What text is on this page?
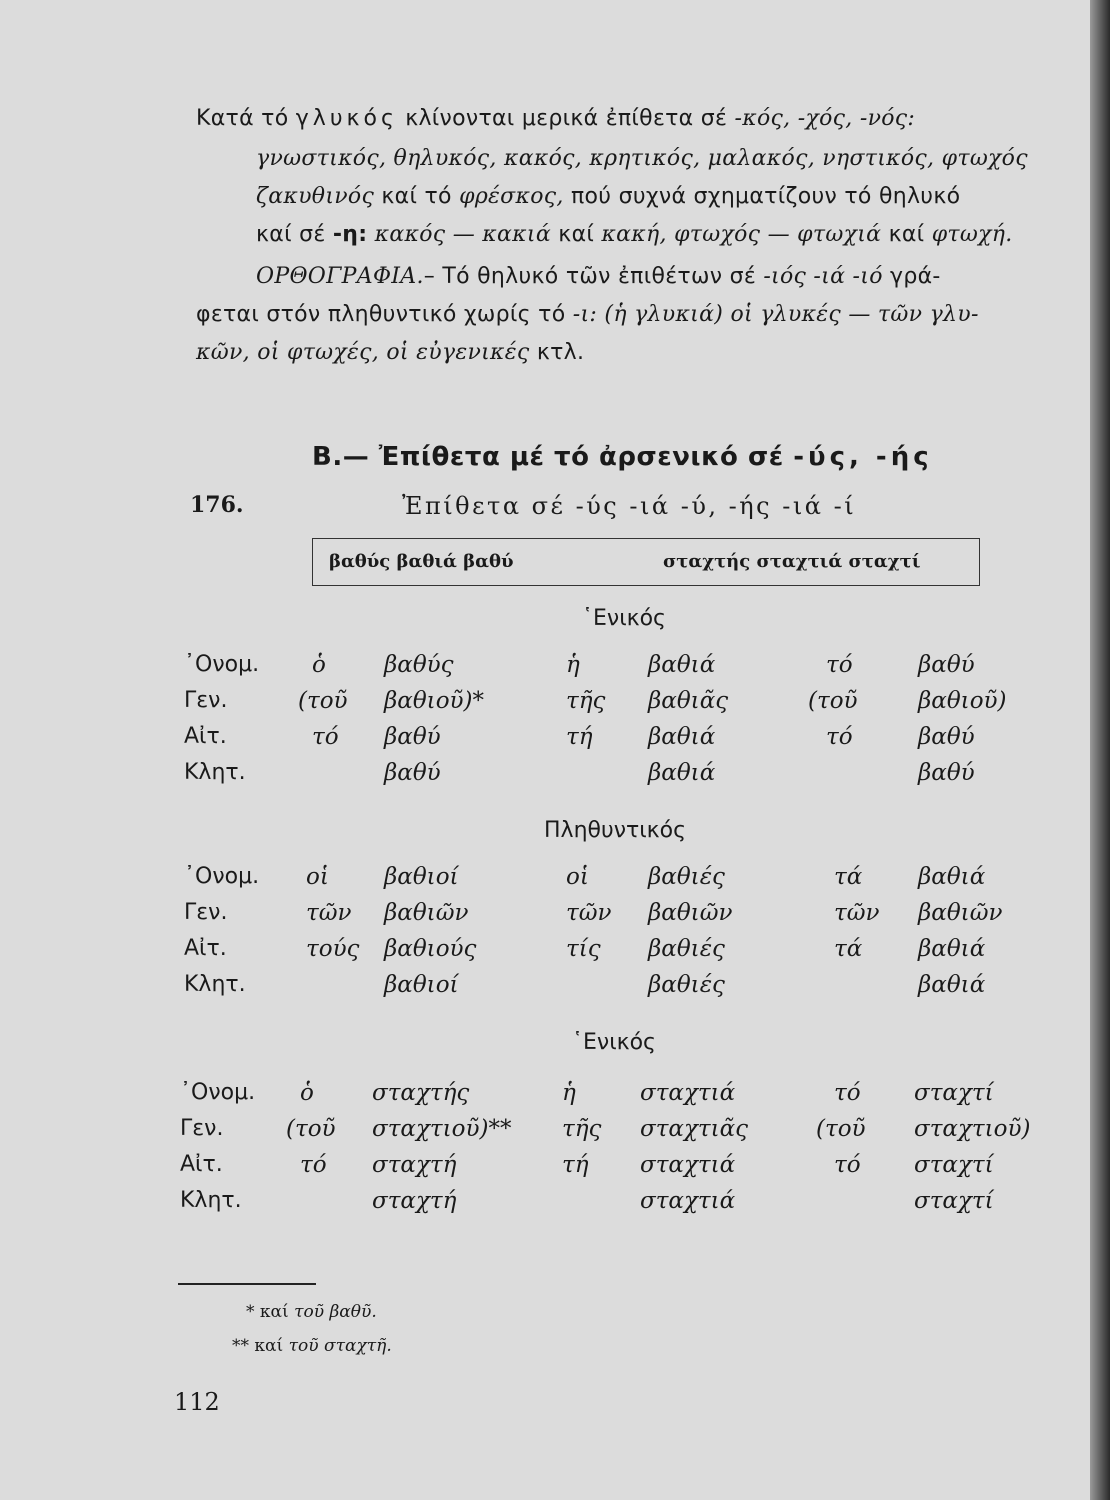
Κατά τό γλυκός κλίνονται μερικά ἐπίθετα σέ -κός, -χός, -νός:
γνωστικός, θηλυκός, κακός, κρητικός, μαλακός, νηστικός, φτωχός
ζακυθινός καί τό φρέσκος, πού συχνά σχηματίζουν τό θηλυκό
καί σέ -η: κακός — κακιά καί κακή, φτωχός — φτωχιά καί φτωχή.
ΟΡΘΟΓΡΑΦΙΑ.– Τό θηλυκό τῶν ἐπιθέτων σέ -ιός -ιά -ιό γρά-
φεται στόν πληθυντικό χωρίς τό -ι: (ἡ γλυκιά) οἱ γλυκές — τῶν γλυ-
κῶν, οἱ φτωχές, οἱ εὐγενικές κτλ.
Β.— Ἐπίθετα μέ τό ἀρσενικό σέ -ύς, -ής
176.	Ἐπίθετα σέ -ύς -ιά -ύ, -ής -ιά -ί
βαθύς βαθιά βαθύ	σταχτής σταχτιά σταχτί
῾Ενικός
᾿Ονομ. ὁ	βαθύς	ἡ	βαθιά	τό	βαθύ
Γεν.	(τοῦ βαθιοῦ)*	τῆς βαθιᾶς	(τοῦ	βαθιοῦ)
Αἰτ.	τό βαθύ	τή βαθιά	τό	βαθύ
Κλητ.	βαθύ	βαθιά	βαθύ
Πληθυντικός
᾿Ονομ. οἱ βαθιοί	οἱ	βαθιές	τά βαθιά
Γεν.	τῶν βαθιῶν	τῶν βαθιῶν	τῶν βαθιῶν
Αἰτ.	τούς βαθιούς	τίς βαθιές	τά βαθιά
Κλητ.	βαθιοί	βαθιές	βαθιά
῾Ενικός
᾿Ονομ. ὁ	σταχτής	ἡ	σταχτιά	τό σταχτί
Γεν.	(τοῦ σταχτιοῦ)** τῆς σταχτιᾶς	(τοῦ σταχτιοῦ)
Αἰτ.	τό σταχτή	τή σταχτιά	τό σταχτί
Κλητ.	σταχτή	σταχτιά	σταχτί
* καί τοῦ βαθῦ.
** καί τοῦ σταχτῆ.
112
